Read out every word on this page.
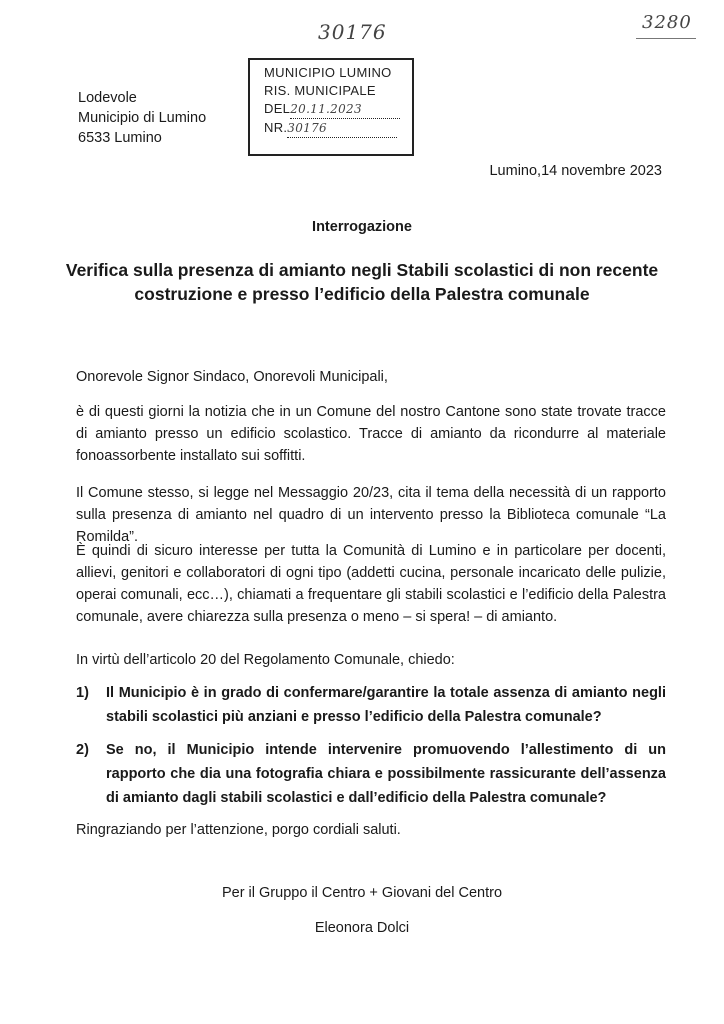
30176	3280
Lodevole
Municipio di Lumino
6533 Lumino
MUNICIPIO LUMINO
RIS. MUNICIPALE
DEL20.11.2023
NR.30176
Lumino,14 novembre 2023
Interrogazione
Verifica sulla presenza di amianto negli Stabili scolastici di non recente costruzione e presso l’edificio della Palestra comunale

Onorevole Signor Sindaco, Onorevoli Municipali,

è di questi giorni la notizia che in un Comune del nostro Cantone sono state trovate tracce di amianto presso un edificio scolastico. Tracce di amianto da ricondurre al materiale fonoassorbente installato sui soffitti.

Il Comune stesso, si legge nel Messaggio 20/23, cita il tema della necessità di un rapporto sulla presenza di amianto nel quadro di un intervento presso la Biblioteca comunale “La Romilda”.

È quindi di sicuro interesse per tutta la Comunità di Lumino e in particolare per docenti, allievi, genitori e collaboratori di ogni tipo (addetti cucina, personale incaricato delle pulizie, operai comunali, ecc…), chiamati a frequentare gli stabili scolastici e l’edificio della Palestra comunale, avere chiarezza sulla presenza o meno – si spera! – di amianto.

In virtù dell’articolo 20 del Regolamento Comunale, chiedo:

1) Il Municipio è in grado di confermare/garantire la totale assenza di amianto negli stabili scolastici più anziani e presso l’edificio della Palestra comunale?
2) Se no, il Municipio intende intervenire promuovendo l’allestimento di un rapporto che dia una fotografia chiara e possibilmente rassicurante dell’assenza di amianto dagli stabili scolastici e dall’edificio della Palestra comunale?

Ringraziando per l’attenzione, porgo cordiali saluti.

Per il Gruppo il Centro + Giovani del Centro
Eleonora Dolci
